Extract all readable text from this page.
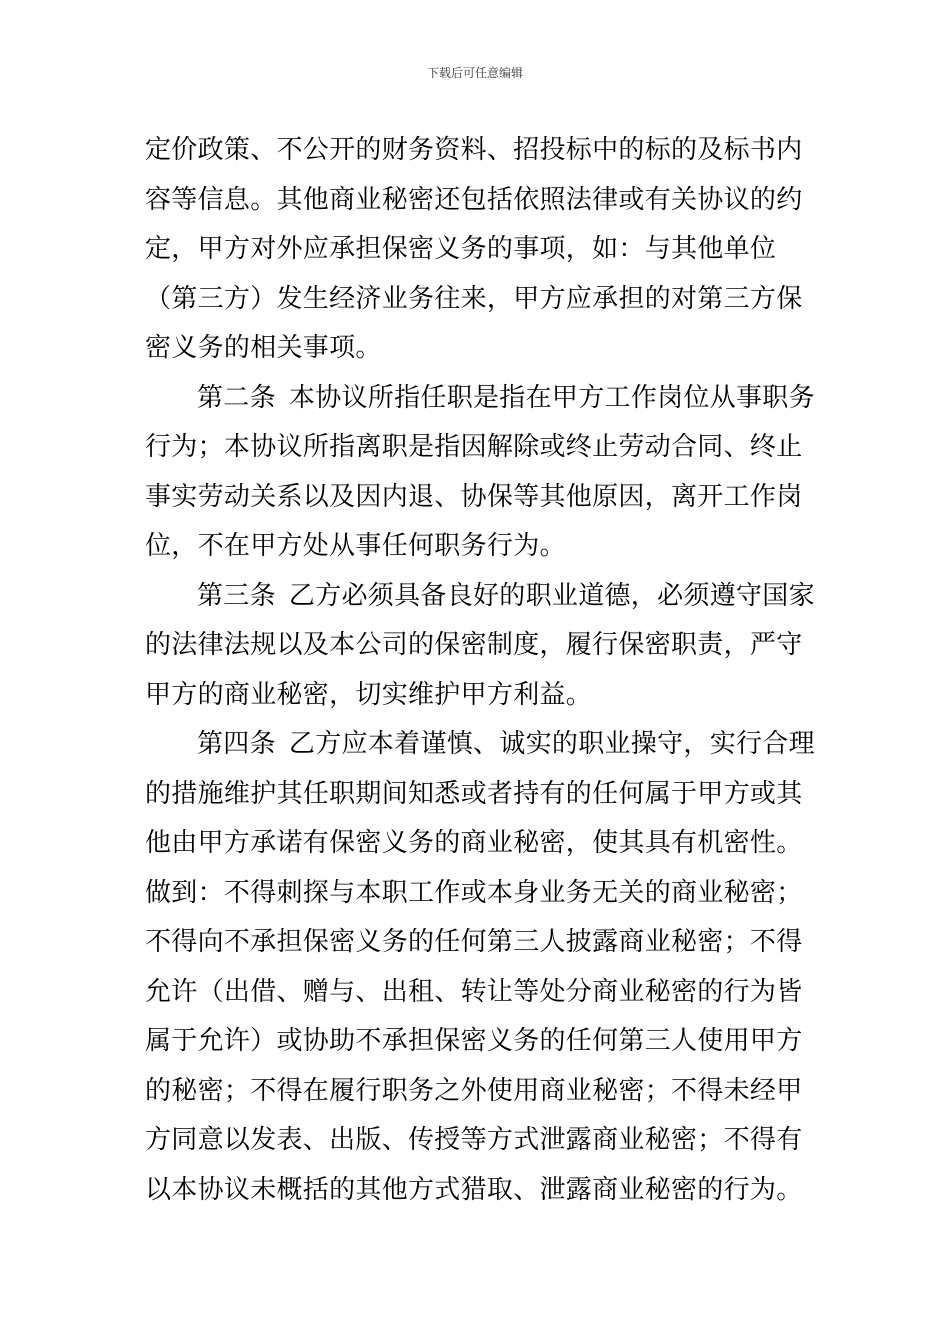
下载后可任意编辑
定价政策、不公开的财务资料、招投标中的标的及标书内
容等信息。其他商业秘密还包括依照法律或有关协议的约
定，甲方对外应承担保密义务的事项，如：与其他单位
（第三方）发生经济业务往来，甲方应承担的对第三方保
密义务的相关事项。
第二条 本协议所指任职是指在甲方工作岗位从事职务
行为；本协议所指离职是指因解除或终止劳动合同、终止
事实劳动关系以及因内退、协保等其他原因，离开工作岗
位，不在甲方处从事任何职务行为。
第三条 乙方必须具备良好的职业道德，必须遵守国家
的法律法规以及本公司的保密制度，履行保密职责，严守
甲方的商业秘密，切实维护甲方利益。
第四条 乙方应本着谨慎、诚实的职业操守，实行合理
的措施维护其任职期间知悉或者持有的任何属于甲方或其
他由甲方承诺有保密义务的商业秘密，使其具有机密性。
做到：不得刺探与本职工作或本身业务无关的商业秘密；
不得向不承担保密义务的任何第三人披露商业秘密；不得
允许（出借、赠与、出租、转让等处分商业秘密的行为皆
属于允许）或协助不承担保密义务的任何第三人使用甲方
的秘密；不得在履行职务之外使用商业秘密；不得未经甲
方同意以发表、出版、传授等方式泄露商业秘密；不得有
以本协议未概括的其他方式猎取、泄露商业秘密的行为。
